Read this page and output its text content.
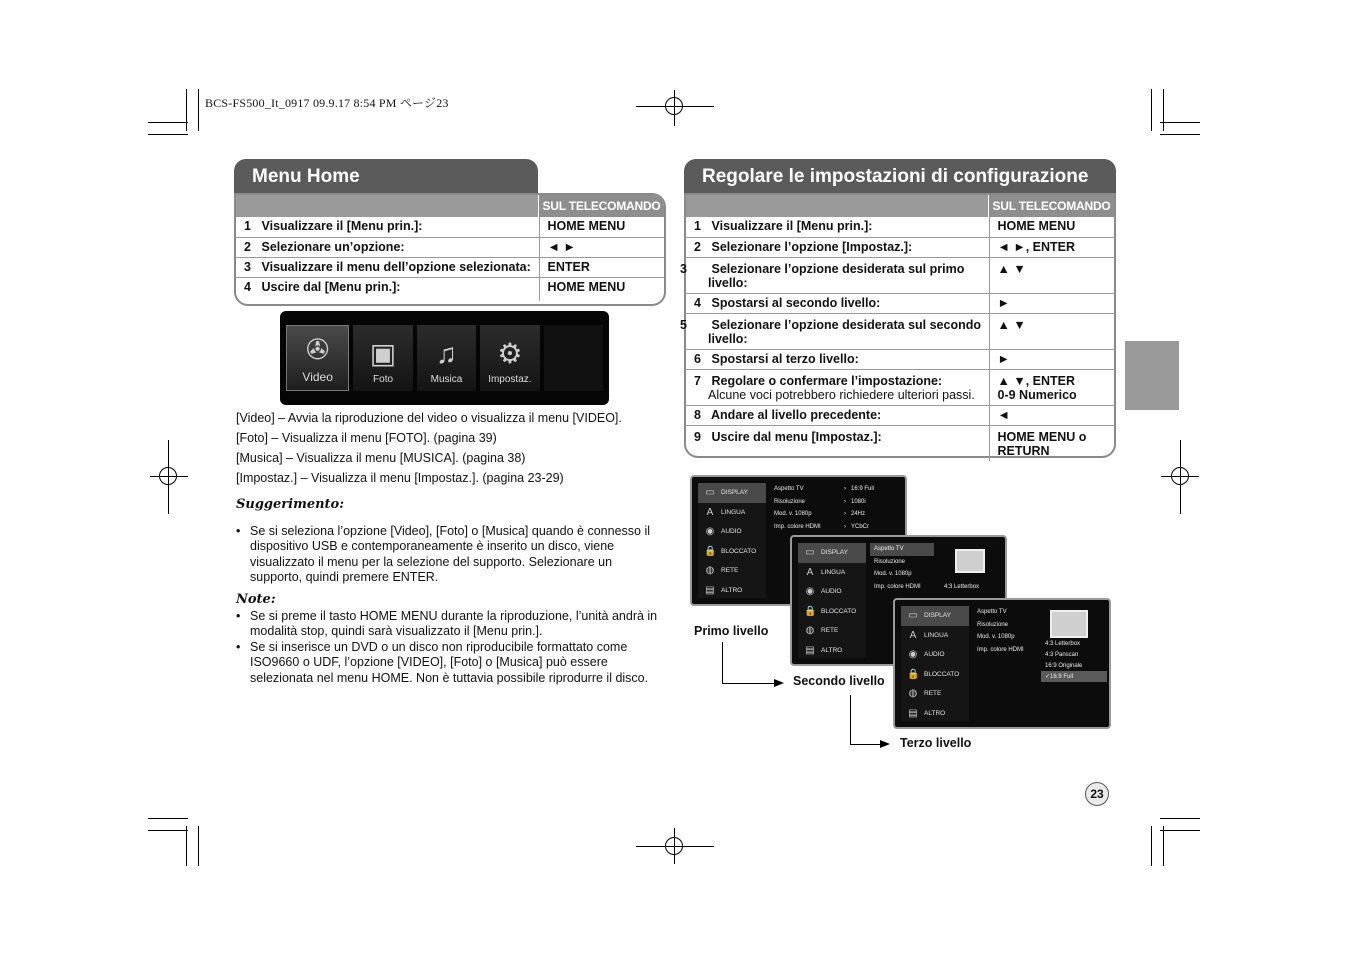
BCS-FS500_It_0917 09.9.17 8:54 PM ページ23
Menu Home
SUL TELECOMANDO
1 Visualizzare il [Menu prin.]:	HOME MENU
2 Selezionare un’opzione:	◄ ►
3 Visualizzare il menu dell’opzione selezionata:	ENTER
4 Uscire dal [Menu prin.]:	HOME MENU
✇
Video
▣
Foto
♫
Musica
⚙
Impostaz.
[Video] – Avvia la riproduzione del video o visualizza il menu [VIDEO].
[Foto] – Visualizza il menu [FOTO]. (pagina 39)
[Musica] – Visualizza il menu [MUSICA]. (pagina 38)
[Impostaz.] – Visualizza il menu [Impostaz.]. (pagina 23-29)
Suggerimento:
• Se si seleziona l’opzione [Video], [Foto] o [Musica] quando è connesso il dispositivo USB e contemporaneamente è inserito un disco, viene visualizzato il menu per la selezione del supporto. Selezionare un supporto, quindi premere ENTER.
Note:
• Se si preme il tasto HOME MENU durante la riproduzione, l’unità andrà in modalità stop, quindi sarà visualizzato il [Menu prin.].
• Se si inserisce un DVD o un disco non riproducibile formattato come ISO9660 o UDF, l’opzione [VIDEO], [Foto] o [Musica] può essere selezionata nel menu HOME. Non è tuttavia possibile riprodurre il disco.
Regolare le impostazioni di configurazione
SUL TELECOMANDO
1 Visualizzare il [Menu prin.]:	HOME MENU
2 Selezionare l’opzione [Impostaz.]:	◄ ►, ENTER
3 Selezionare l’opzione desiderata sul primo livello:	▲ ▼
4 Spostarsi al secondo livello:	►
5 Selezionare l’opzione desiderata sul secondo livello:	▲ ▼
6 Spostarsi al terzo livello:	►
7 Regolare o confermare l’impostazione:
Alcune voci potrebbero richiedere ulteriori passi.	▲ ▼, ENTER
0-9 Numerico
8 Andare al livello precedente:	◄
9 Uscire dal menu [Impostaz.]:	HOME MENU o RETURN
▭ DISPLAY
A	LINGUA
◉ AUDIO
🔒 BLOCCATO
◍ RETE
▤ ALTRO
Aspetto TV
Risoluzione
Mod. v. 1080p
Imp. colore HDMI
› 16:9 Full
› 1080i
› 24Hz
› YCbCr
▭ DISPLAY
A	LINGUA
◉ AUDIO
🔒 BLOCCATO
◍ RETE
▤ ALTRO
Aspetto TV
Risoluzione
Mod. v. 1080p
Imp. colore HDMI	4:3 Letterbox
▭ DISPLAY
A	LINGUA
◉ AUDIO
🔒 BLOCCATO
◍ RETE
▤ ALTRO
Aspetto TV
Risoluzione
Mod. v. 1080p
Imp. colore HDMI
4:3 Letterbox
4:3 Panscan
16:9 Originale
✓16:9 Full
Primo livello
Secondo livello
Terzo livello
23
